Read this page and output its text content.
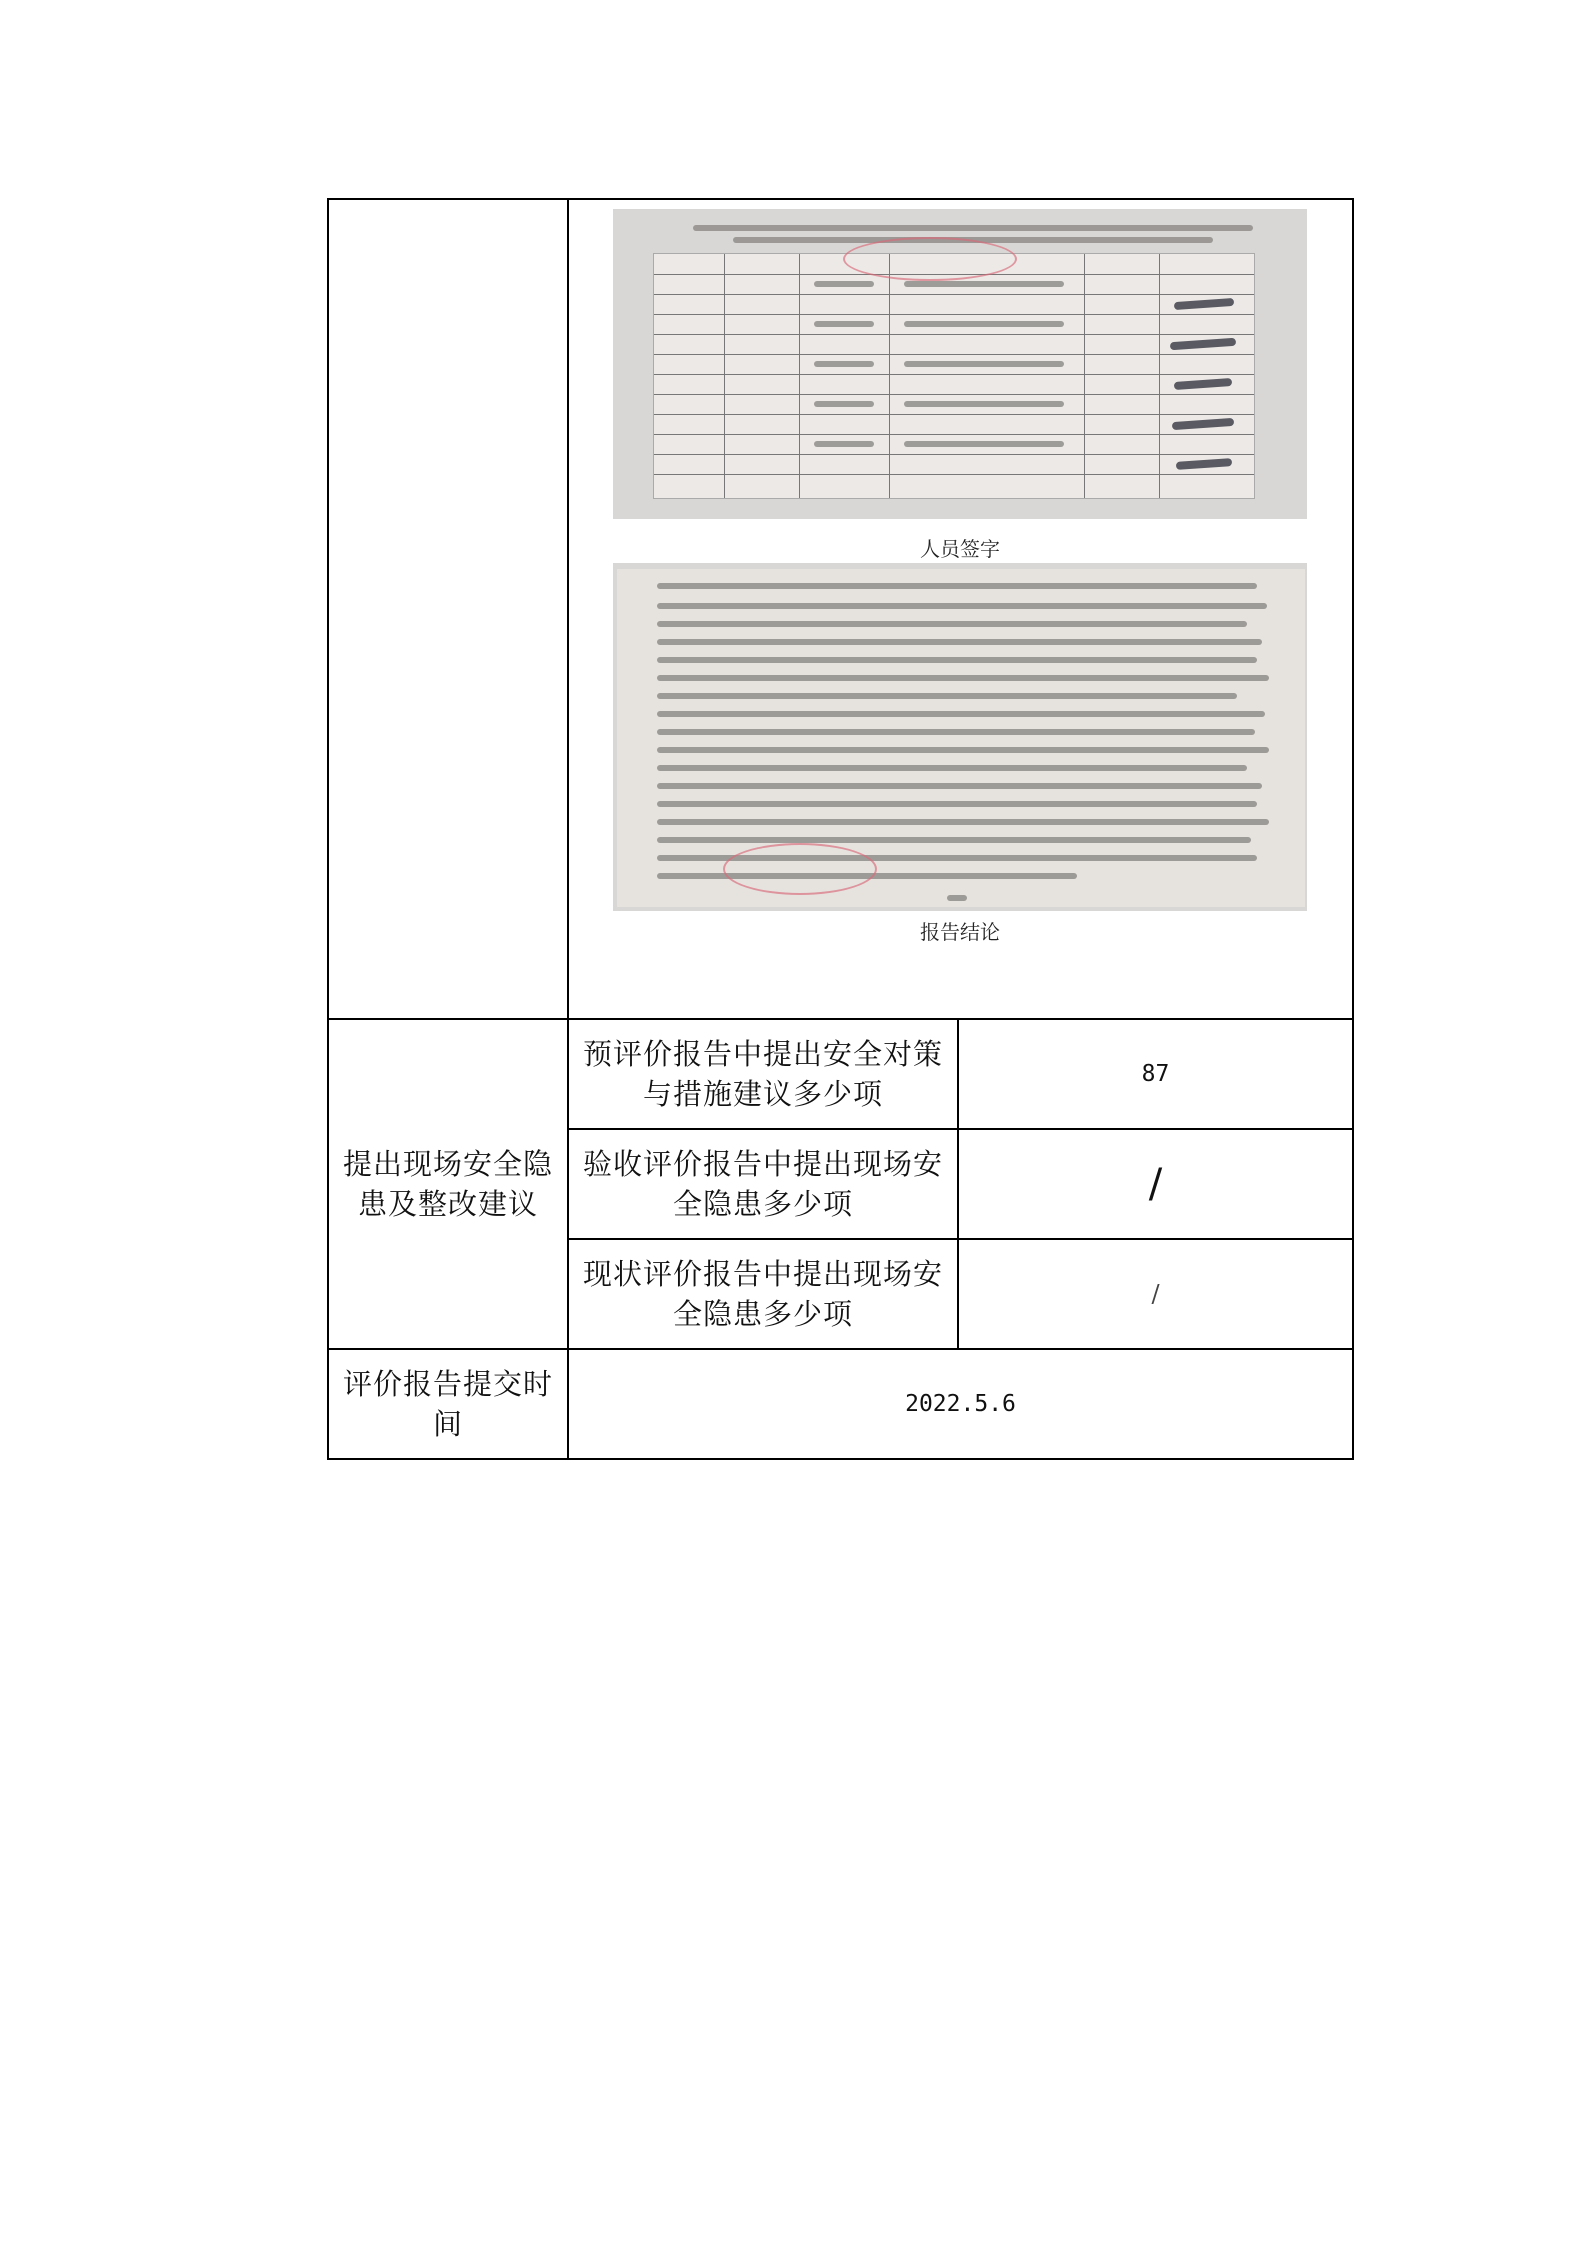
	人员签字
报告结论	

提出现场安全隐患及整改建议	预评价报告中提出安全对策与措施建议多少项	87
	验收评价报告中提出现场安全隐患多少项	/
	现状评价报告中提出现场安全隐患多少项	/
评价报告提交时间	2022.5.6	
